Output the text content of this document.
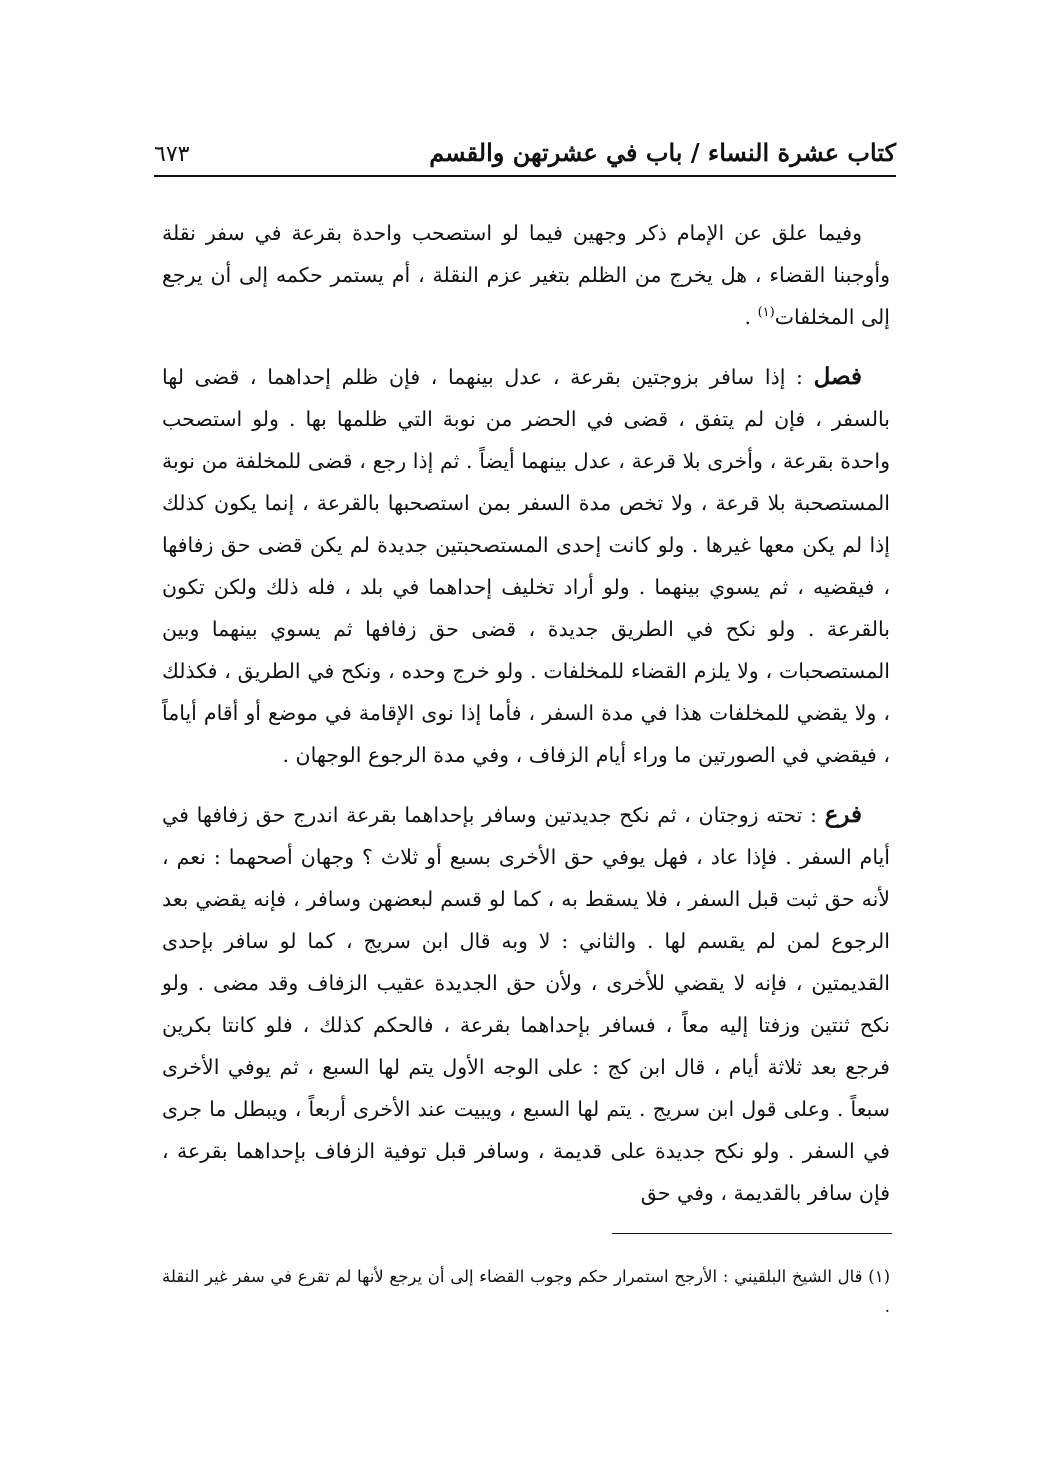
كتاب عشرة النساء / باب في عشرتهن والقسم
٦٧٣

وفيما علق عن الإمام ذكر وجهين فيما لو استصحب واحدة بقرعة في سفر نقلة وأوجبنا القضاء ، هل يخرج من الظلم بتغير عزم النقلة ، أم يستمر حكمه إلى أن يرجع إلى المخلفات$^{(١)}$ .

فصل : إذا سافر بزوجتين بقرعة ، عدل بينهما ، فإن ظلم إحداهما ، قضى لها بالسفر ، فإن لم يتفق ، قضى في الحضر من نوبة التي ظلمها بها . ولو استصحب واحدة بقرعة ، وأخرى بلا قرعة ، عدل بينهما أيضاً . ثم إذا رجع ، قضى للمخلفة من نوبة المستصحبة بلا قرعة ، ولا تخص مدة السفر بمن استصحبها بالقرعة ، إنما يكون كذلك إذا لم يكن معها غيرها . ولو كانت إحدى المستصحبتين جديدة لم يكن قضى حق زفافها ، فيقضيه ، ثم يسوي بينهما . ولو أراد تخليف إحداهما في بلد ، فله ذلك ولكن تكون بالقرعة . ولو نكح في الطريق جديدة ، قضى حق زفافها ثم يسوي بينهما وبين المستصحبات ، ولا يلزم القضاء للمخلفات . ولو خرج وحده ، ونكح في الطريق ، فكذلك ، ولا يقضي للمخلفات هذا في مدة السفر ، فأما إذا نوى الإقامة في موضع أو أقام أياماً ، فيقضي في الصورتين ما وراء أيام الزفاف ، وفي مدة الرجوع الوجهان .

فرع : تحته زوجتان ، ثم نكح جديدتين وسافر بإحداهما بقرعة اندرج حق زفافها في أيام السفر . فإذا عاد ، فهل يوفي حق الأخرى بسبع أو ثلاث ؟ وجهان أصحهما : نعم ، لأنه حق ثبت قبل السفر ، فلا يسقط به ، كما لو قسم لبعضهن وسافر ، فإنه يقضي بعد الرجوع لمن لم يقسم لها . والثاني : لا وبه قال ابن سريج ، كما لو سافر بإحدى القديمتين ، فإنه لا يقضي للأخرى ، ولأن حق الجديدة عقيب الزفاف وقد مضى . ولو نكح ثنتين وزفتا إليه معاً ، فسافر بإحداهما بقرعة ، فالحكم كذلك ، فلو كانتا بكرين فرجع بعد ثلاثة أيام ، قال ابن كج : على الوجه الأول يتم لها السبع ، ثم يوفي الأخرى سبعاً . وعلى قول ابن سريج . يتم لها السبع ، ويبيت عند الأخرى أربعاً ، ويبطل ما جرى في السفر . ولو نكح جديدة على قديمة ، وسافر قبل توفية الزفاف بإحداهما بقرعة ، فإن سافر بالقديمة ، وفي حق

(١) قال الشيخ البلقيني : الأرجح استمرار حكم وجوب القضاء إلى أن يرجع لأنها لم تقرع في سفر غير النقلة .
